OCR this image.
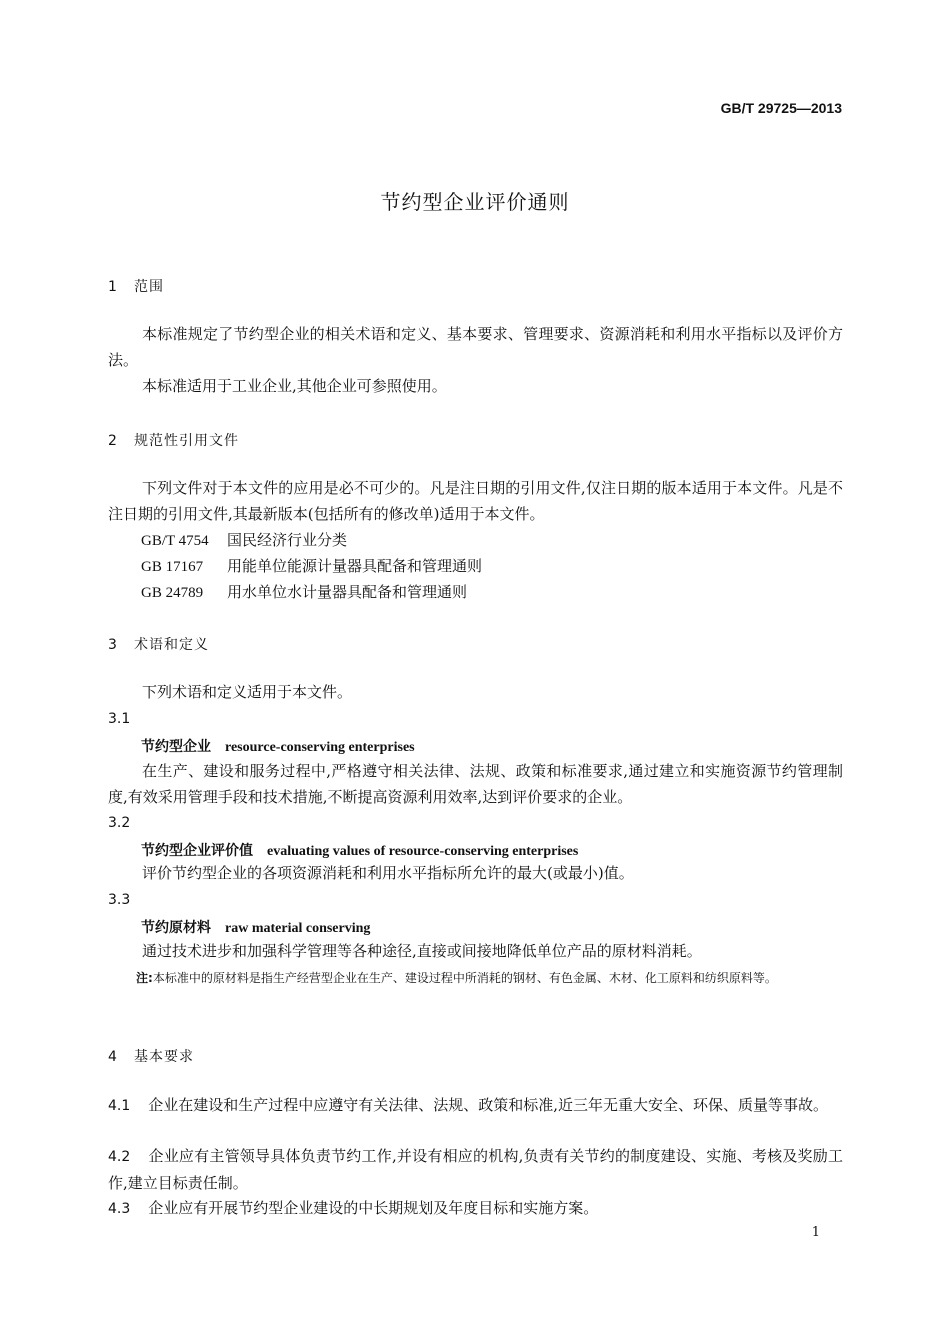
GB/T 29725—2013
节约型企业评价通则
1 范围
本标准规定了节约型企业的相关术语和定义、基本要求、管理要求、资源消耗和利用水平指标以及评价方法。
本标准适用于工业企业,其他企业可参照使用。
2 规范性引用文件
下列文件对于本文件的应用是必不可少的。凡是注日期的引用文件,仅注日期的版本适用于本文件。凡是不注日期的引用文件,其最新版本(包括所有的修改单)适用于本文件。
GB/T 4754 国民经济行业分类
GB 17167 用能单位能源计量器具配备和管理通则
GB 24789 用水单位水计量器具配备和管理通则
3 术语和定义
下列术语和定义适用于本文件。
3.1
节约型企业 resource-conserving enterprises
在生产、建设和服务过程中,严格遵守相关法律、法规、政策和标准要求,通过建立和实施资源节约管理制度,有效采用管理手段和技术措施,不断提高资源利用效率,达到评价要求的企业。
3.2
节约型企业评价值 evaluating values of resource-conserving enterprises
评价节约型企业的各项资源消耗和利用水平指标所允许的最大(或最小)值。
3.3
节约原材料 raw material conserving
通过技术进步和加强科学管理等各种途径,直接或间接地降低单位产品的原材料消耗。
注:本标准中的原材料是指生产经营型企业在生产、建设过程中所消耗的钢材、有色金属、木材、化工原料和纺织原料等。
4 基本要求
4.1 企业在建设和生产过程中应遵守有关法律、法规、政策和标准,近三年无重大安全、环保、质量等事故。
4.2 企业应有主管领导具体负责节约工作,并设有相应的机构,负责有关节约的制度建设、实施、考核及奖励工作,建立目标责任制。
4.3 企业应有开展节约型企业建设的中长期规划及年度目标和实施方案。
1
